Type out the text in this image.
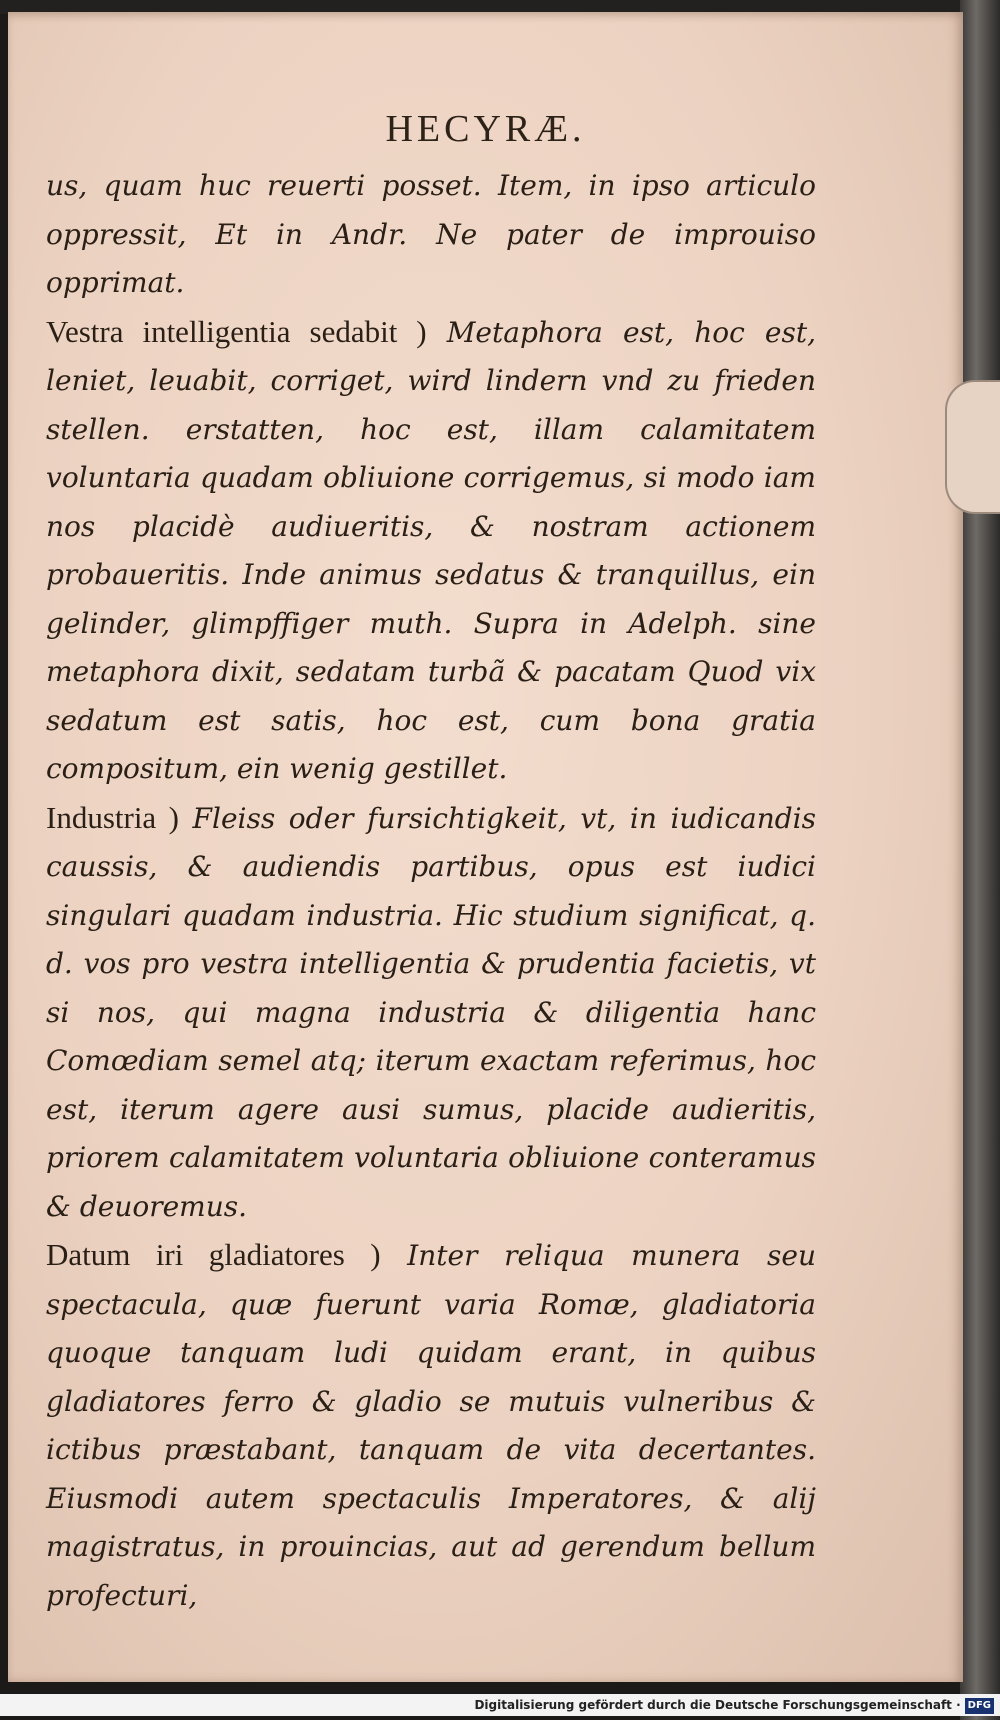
HECYRÆ.

us, quam huc reuerti posset. Item, in ipso articulo oppressit, Et in Andr. Ne pater de improuiso opprimat.

Vestra intelligentia sedabit ) Metaphora est, hoc est, leniet, leuabit, corriget, wird lindern vnd zu frieden stellen. erstatten, hoc est, illam calamitatem voluntaria quadam obliuione corrigemus, si modo iam nos placidè audiueritis, & nostram actionem probaueritis. Inde animus sedatus & tranquillus, ein gelinder, glimpffiger muth. Supra in Adelph. sine metaphora dixit, sedatam turbã & pacatam Quod vix sedatum est satis, hoc est, cum bona gratia compositum, ein wenig gestillet.

Industria ) Fleiss oder fursichtigkeit, vt, in iudicandis caussis, & audiendis partibus, opus est iudici singulari quadam industria. Hic studium significat, q. d. vos pro vestra intelligentia & prudentia facietis, vt si nos, qui magna industria & diligentia hanc Comœdiam semel atq; iterum exactam referimus, hoc est, iterum agere ausi sumus, placide audieritis, priorem calamitatem voluntaria obliuione conteramus & deuoremus.

Datum iri gladiatores ) Inter reliqua munera seu spectacula, quæ fuerunt varia Romæ, gladiatoria quoque tanquam ludi quidam erant, in quibus gladiatores ferro & gladio se mutuis vulneribus & ictibus præstabant, tanquam de vita decertantes. Eiusmodi autem spectaculis Imperatores, & alij magistratus, in prouincias, aut ad gerendum bellum profecturi,

Digitalisierung gefördert durch die Deutsche Forschungsgemeinschaft · DFG
